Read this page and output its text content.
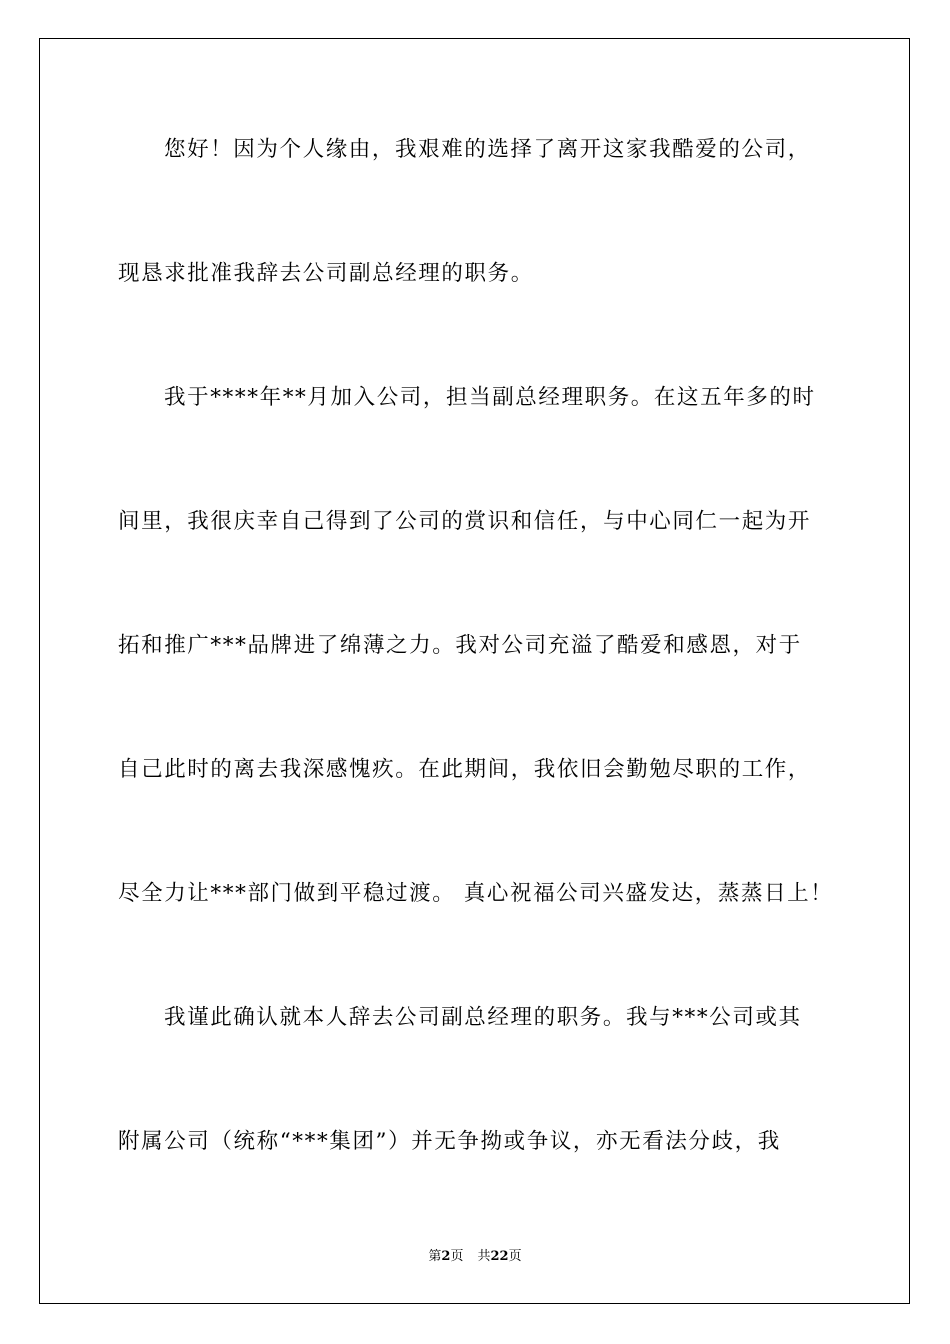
您好！因为个人缘由，我艰难的选择了离开这家我酷爱的公司，
现恳求批准我辞去公司副总经理的职务。
我于****年**月加入公司，担当副总经理职务。在这五年多的时
间里，我很庆幸自己得到了公司的赏识和信任，与中心同仁一起为开
拓和推广***品牌进了绵薄之力。我对公司充溢了酷爱和感恩，对于
自己此时的离去我深感愧疚。在此期间，我依旧会勤勉尽职的工作，
尽全力让***部门做到平稳过渡。 真心祝福公司兴盛发达，蒸蒸日上！
我谨此确认就本人辞去公司副总经理的职务。我与***公司或其
附属公司（统称“***集团”）并无争拗或争议，亦无看法分歧，我
第2页 共22页
